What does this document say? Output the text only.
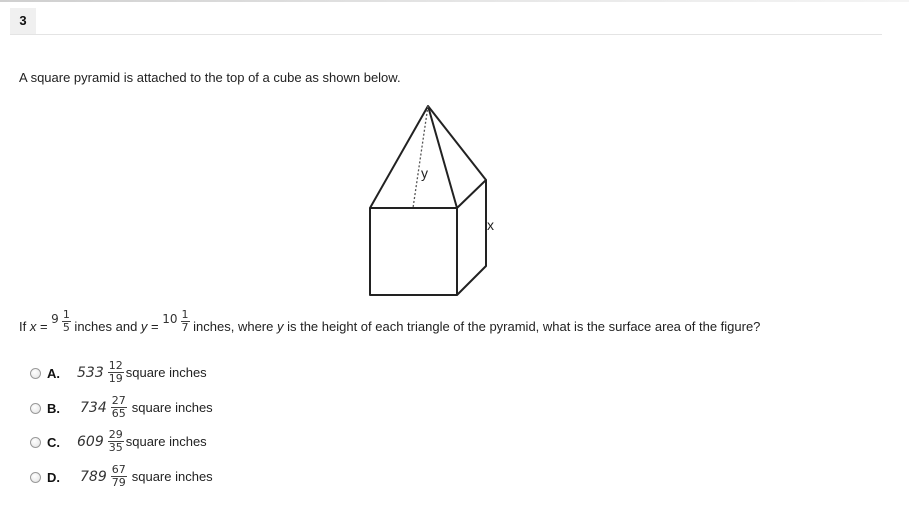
3
A square pyramid is attached to the top of a cube as shown below.
y
x
If $x = 9 \frac{1}{5}$ inches and $y = 10 \frac{1}{7}$ inches, where y is the height of each triangle of the pyramid, what is the surface area of the figure?
A. $533 \frac{12}{19}$ square inches
B. $734 \frac{27}{65}$ square inches
C. $609 \frac{29}{35}$ square inches
D. $789 \frac{67}{79}$ square inches
